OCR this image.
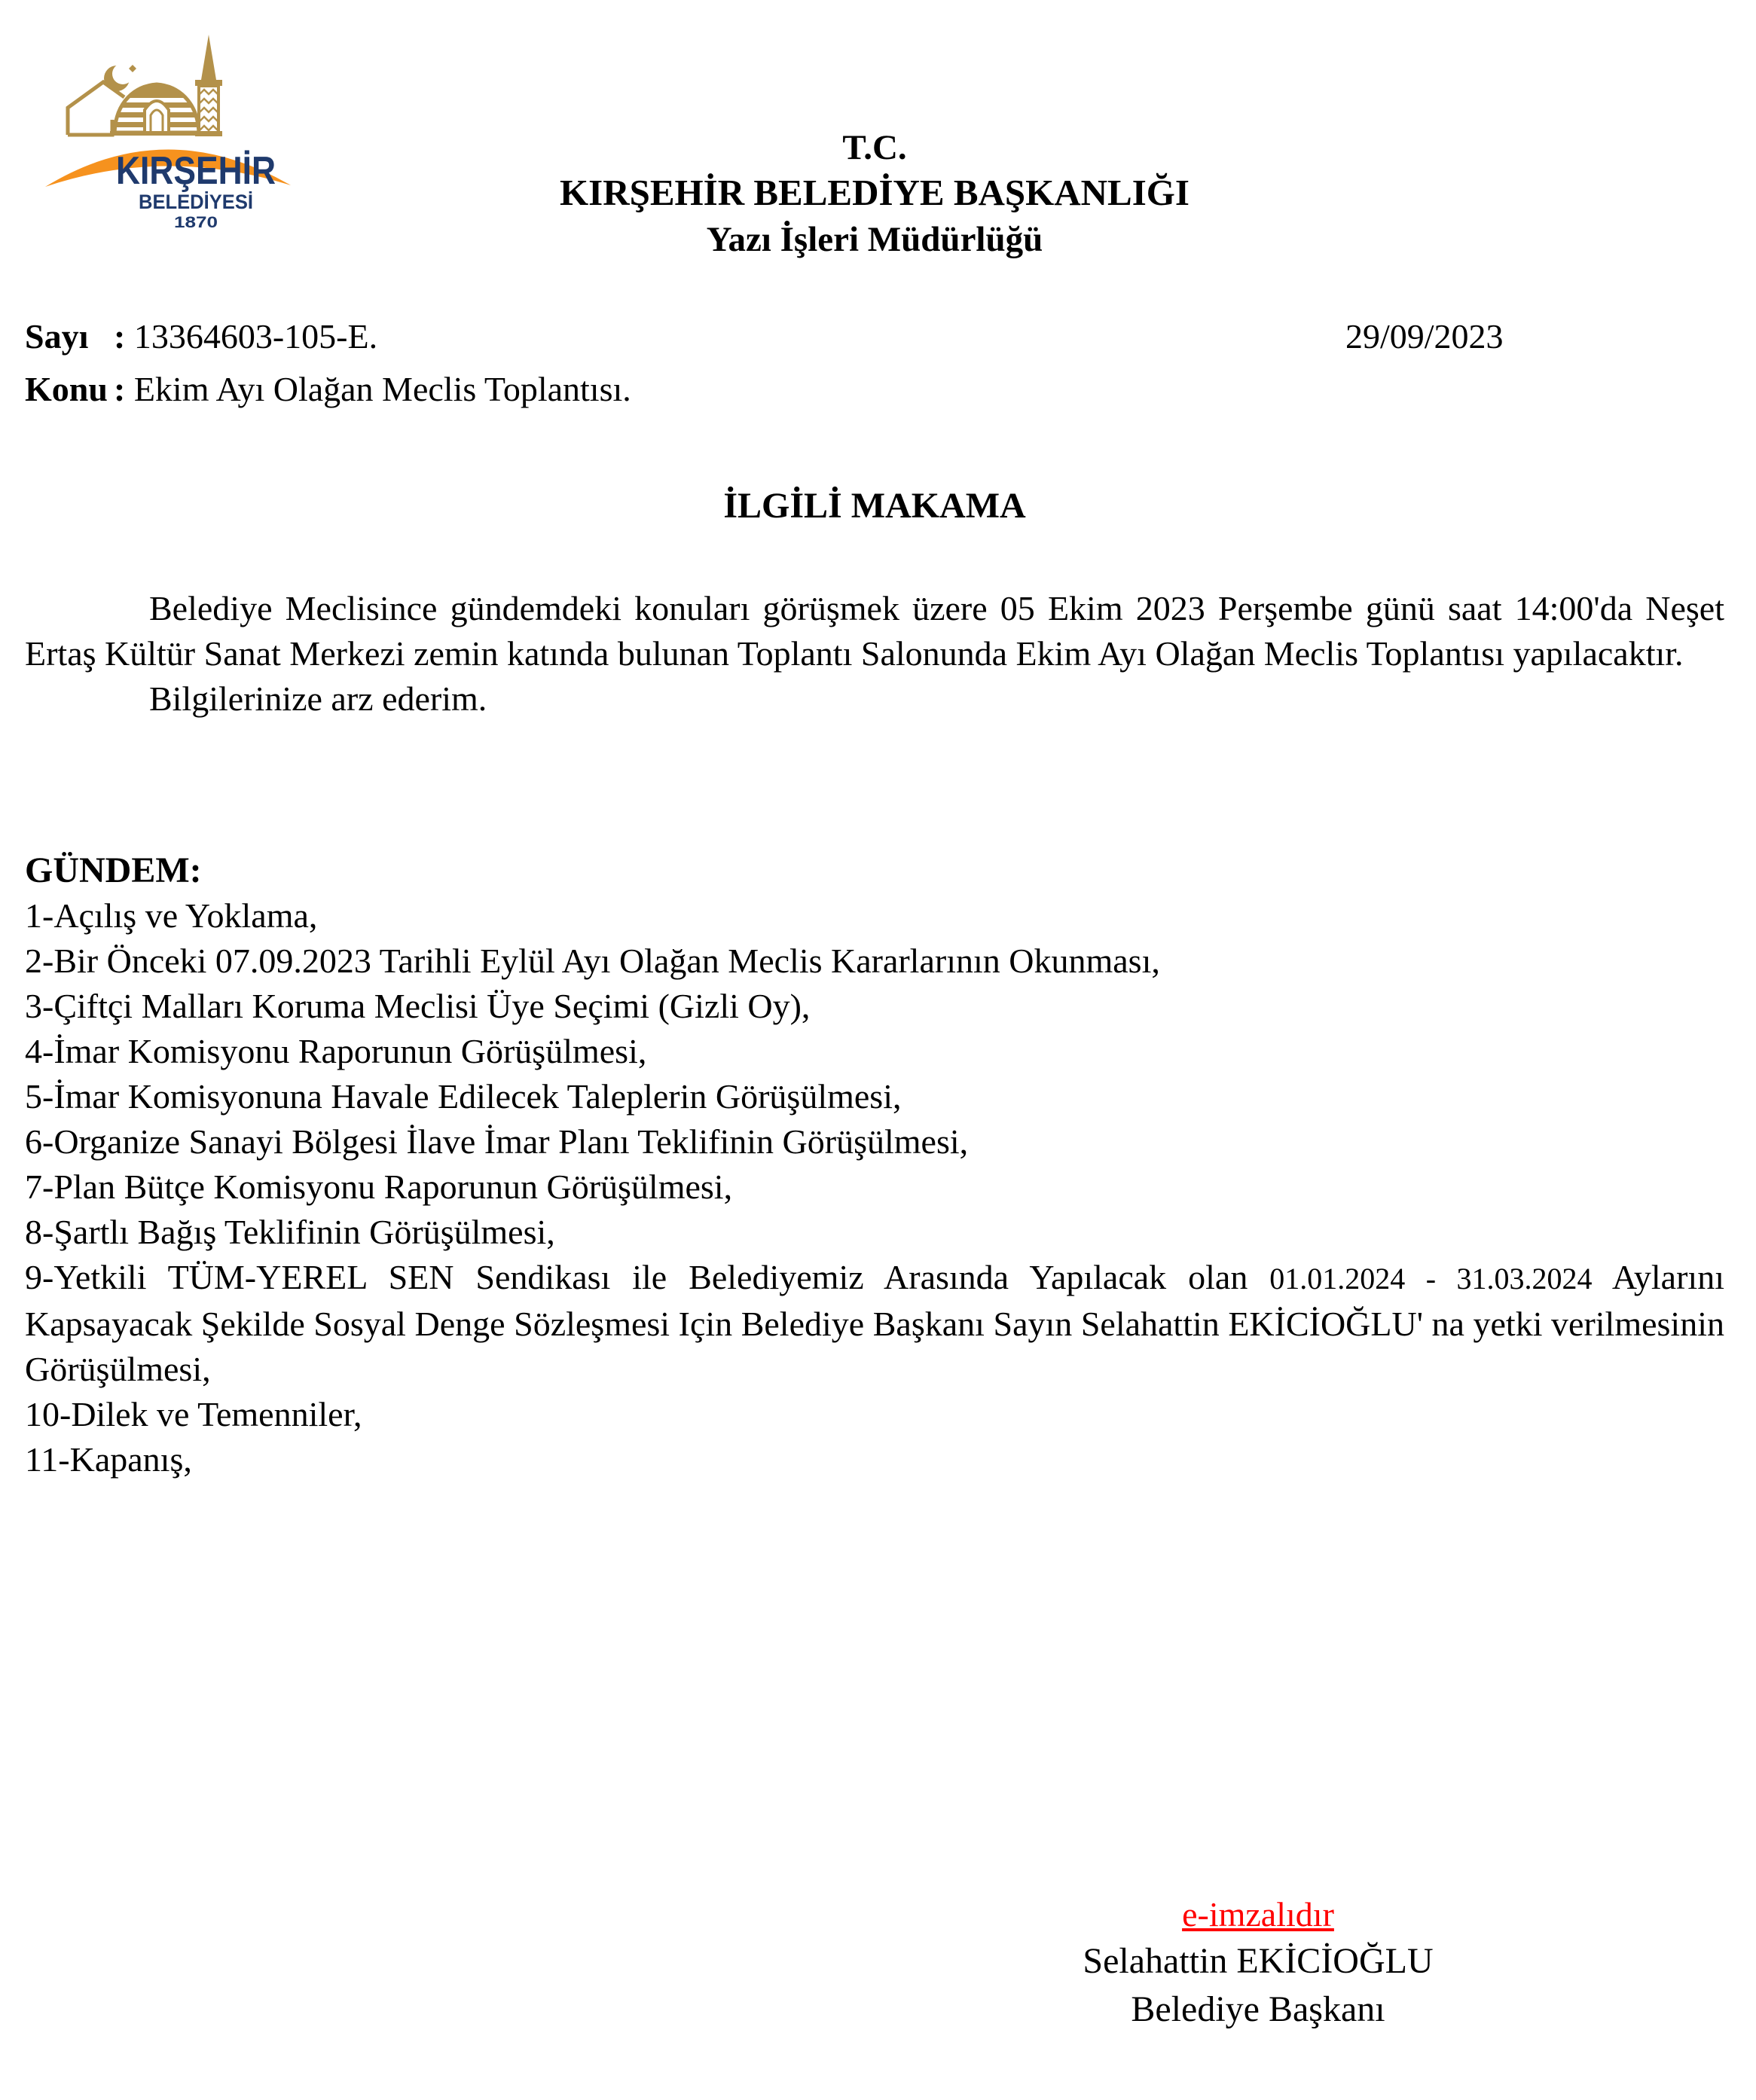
KIRŞEHİR
BELEDİYESİ
1870
T.C.
KIRŞEHİR BELEDİYE BAŞKANLIĞI
Yazı İşleri Müdürlüğü
Sayı : 13364603-105-E.
Konu : Ekim Ayı Olağan Meclis Toplantısı.
29/09/2023
İLGİLİ MAKAMA

Belediye Meclisince gündemdeki konuları görüşmek üzere 05 Ekim 2023 Perşembe günü saat 14:00'da Neşet Ertaş Kültür Sanat Merkezi zemin katında bulunan Toplantı Salonunda Ekim Ayı Olağan Meclis Toplantısı yapılacaktır.

Bilgilerinize arz ederim.

GÜNDEM:
1-Açılış ve Yoklama,
2-Bir Önceki 07.09.2023 Tarihli Eylül Ayı Olağan Meclis Kararlarının Okunması,
3-Çiftçi Malları Koruma Meclisi Üye Seçimi (Gizli Oy),
4-İmar Komisyonu Raporunun Görüşülmesi,
5-İmar Komisyonuna Havale Edilecek Taleplerin Görüşülmesi,
6-Organize Sanayi Bölgesi İlave İmar Planı Teklifinin Görüşülmesi,
7-Plan Bütçe Komisyonu Raporunun Görüşülmesi,
8-Şartlı Bağış Teklifinin Görüşülmesi,

9-Yetkili TÜM-YEREL SEN Sendikası ile Belediyemiz Arasında Yapılacak olan 01.01.2024 - 31.03.2024 Aylarını Kapsayacak Şekilde Sosyal Denge Sözleşmesi Için Belediye Başkanı Sayın Selahattin EKİCİOĞLU' na yetki verilmesinin Görüşülmesi,

10-Dilek ve Temenniler,
11-Kapanış,
e-imzalıdır
Selahattin EKİCİOĞLU
Belediye Başkanı
